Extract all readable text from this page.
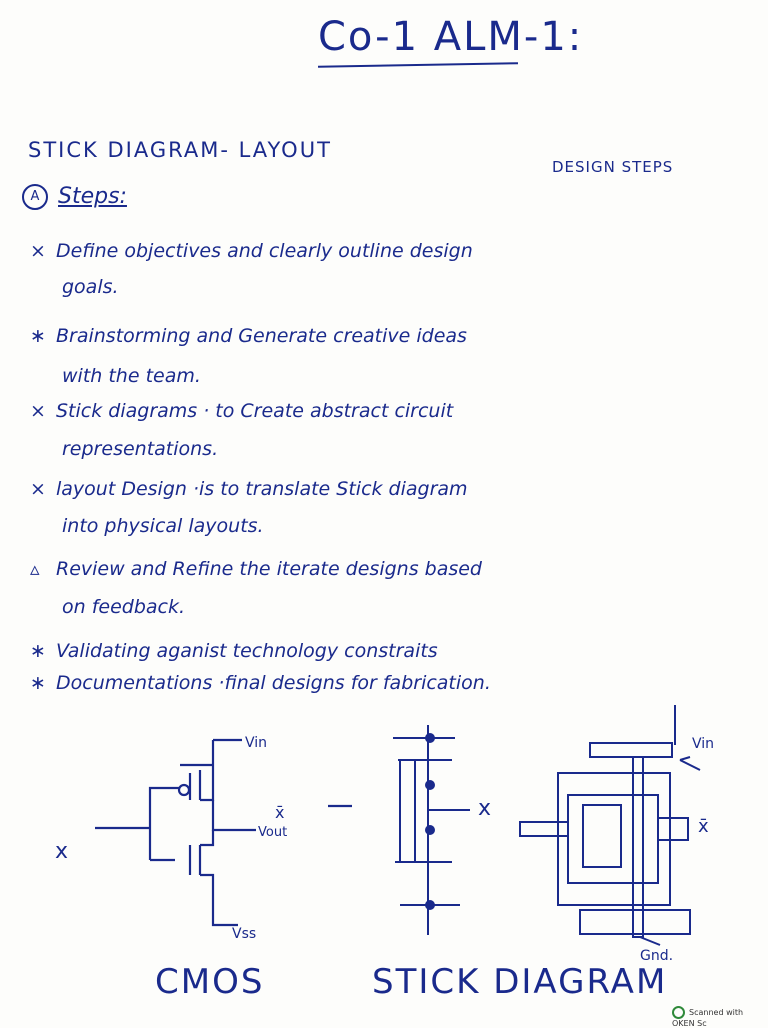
Co-1 ALM-1:
STICK DIAGRAM- LAYOUT
DESIGN STEPS
A Steps:
× Define objectives and clearly outline design
goals.
∗ Brainstorming and Generate creative ideas
with the team.
× Stick diagrams · to Create abstract circuit
representations.
× layout Design ·is to translate Stick diagram
into physical layouts.
▵ Review and Refine the iterate designs based
on feedback.
∗ Validating aganist technology constraits
∗ Documentations ·final designs for fabrication.
Vin
Vout
x̄
x
Vss
x
Vin
x̄
Gnd.
CMOS	STICK DIAGRAM
Scanned with OKEN Sc
